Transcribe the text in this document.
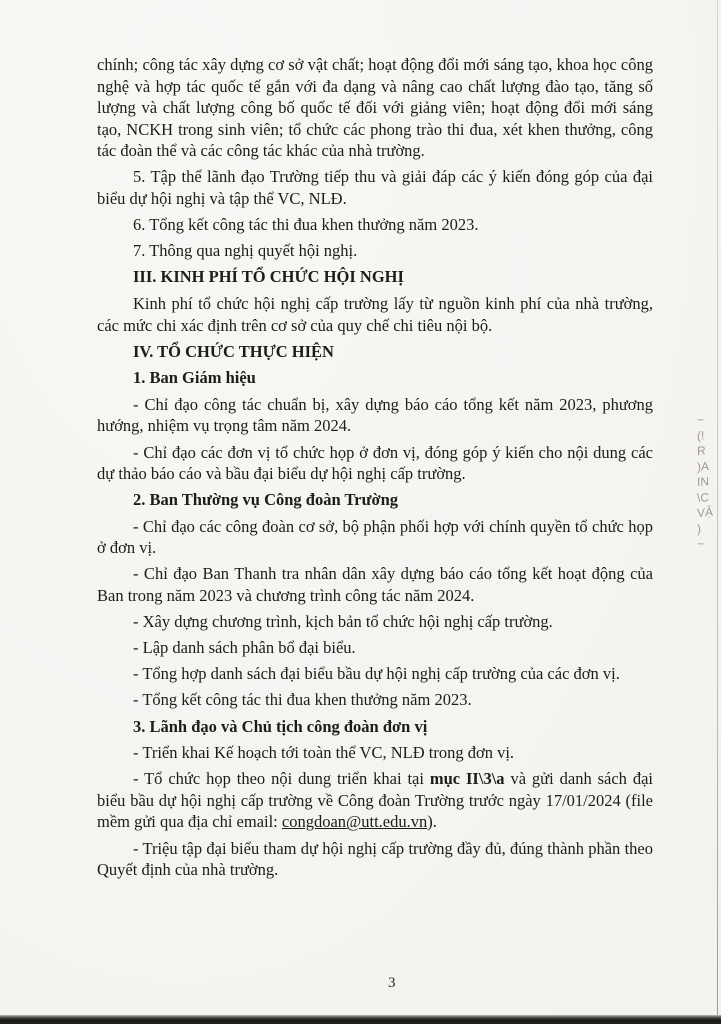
chính; công tác xây dựng cơ sở vật chất; hoạt động đổi mới sáng tạo, khoa học công nghệ và hợp tác quốc tế gắn với đa dạng và nâng cao chất lượng đào tạo, tăng số lượng và chất lượng công bố quốc tế đối với giảng viên; hoạt động đổi mới sáng tạo, NCKH trong sinh viên; tổ chức các phong trào thi đua, xét khen thưởng, công tác đoàn thể và các công tác khác của nhà trường.

5. Tập thể lãnh đạo Trường tiếp thu và giải đáp các ý kiến đóng góp của đại biểu dự hội nghị và tập thể VC, NLĐ.

6. Tổng kết công tác thi đua khen thưởng năm 2023.

7. Thông qua nghị quyết hội nghị.

III. KINH PHÍ TỔ CHỨC HỘI NGHỊ

Kinh phí tổ chức hội nghị cấp trường lấy từ nguồn kinh phí của nhà trường, các mức chi xác định trên cơ sở của quy chế chi tiêu nội bộ.

IV. TỔ CHỨC THỰC HIỆN

1. Ban Giám hiệu

- Chỉ đạo công tác chuẩn bị, xây dựng báo cáo tổng kết năm 2023, phương hướng, nhiệm vụ trọng tâm năm 2024.

- Chỉ đạo các đơn vị tổ chức họp ở đơn vị, đóng góp ý kiến cho nội dung các dự thảo báo cáo và bầu đại biểu dự hội nghị cấp trường.

2. Ban Thường vụ Công đoàn Trường

- Chỉ đạo các công đoàn cơ sở, bộ phận phối hợp với chính quyền tổ chức họp ở đơn vị.

- Chỉ đạo Ban Thanh tra nhân dân xây dựng báo cáo tổng kết hoạt động của Ban trong năm 2023 và chương trình công tác năm 2024.

- Xây dựng chương trình, kịch bản tổ chức hội nghị cấp trường.

- Lập danh sách phân bổ đại biểu.

- Tổng hợp danh sách đại biểu bầu dự hội nghị cấp trường của các đơn vị.

- Tổng kết công tác thi đua khen thưởng năm 2023.

3. Lãnh đạo và Chủ tịch công đoàn đơn vị

- Triển khai Kế hoạch tới toàn thể VC, NLĐ trong đơn vị.

- Tổ chức họp theo nội dung triển khai tại mục II\3\a và gửi danh sách đại biểu bầu dự hội nghị cấp trường về Công đoàn Trường trước ngày 17/01/2024 (file mềm gửi qua địa chỉ email: congdoan@utt.edu.vn).

- Triệu tập đại biểu tham dự hội nghị cấp trường đầy đủ, đúng thành phần theo Quyết định của nhà trường.

~
(!
R
)A
IN
\C
VẬ
)
~
3
